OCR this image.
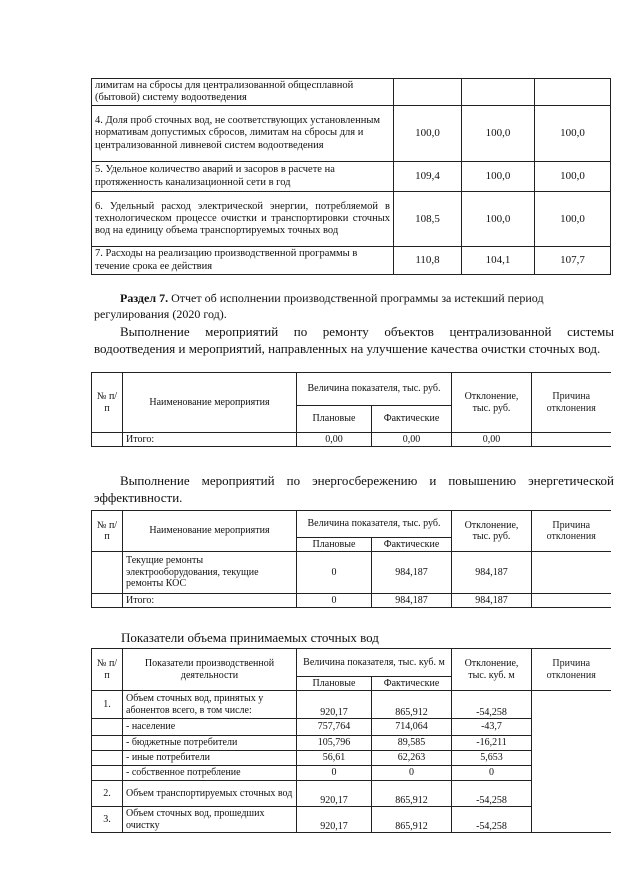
лимитам на сбросы для централизованной общесплавной (бытовой) систему водоотведения			
4. Доля проб сточных вод, не соответствующих установленным нормативам допустимых сбросов, лимитам на сбросы для и централизованной ливневой систем водоотведения	100,0	100,0	100,0
5. Удельное количество аварий и засоров в расчете на протяженность канализационной сети в год	109,4	100,0	100,0
6. Удельный расход электрической энергии, потребляемой в технологическом процессе очистки и транспортировки сточных вод на единицу объема транспортируемых точных вод	108,5	100,0	100,0
7. Расходы на реализацию производственной программы в течение срока ее действия	110,8	104,1	107,7
Раздел 7. Отчет об исполнении производственной программы за истекший период регулирования (2020 год).
Выполнение мероприятий по ремонту объектов централизованной системы водоотведения и мероприятий, направленных на улучшение качества очистки сточных вод.
№ п/п	Наименование мероприятия	Величина показателя, тыс. руб.		Отклонение, тыс. руб.	Причина отклонения
		Плановые	Фактические		
	Итого:	0,00	0,00	0,00	
Выполнение мероприятий по энергосбережению и повышению энергетической эффективности.
№ п/п	Наименование мероприятия	Величина показателя, тыс. руб.		Отклонение, тыс. руб.	Причина отклонения
		Плановые	Фактические		
	Текущие ремонты электрооборудования, текущие ремонты КОС	0	984,187	984,187	
	Итого:	0	984,187	984,187	
Показатели объема принимаемых сточных вод
№ п/п	Показатели производственной деятельности	Величина показателя, тыс. куб. м		Отклонение, тыс. куб. м	Причина отклонения
		Плановые	Фактические		
1.	Объем сточных вод, принятых у абонентов всего, в том числе:	920,17	865,912	-54,258	
	- население	757,764	714,064	-43,7	
	- бюджетные потребители	105,796	89,585	-16,211	
	- иные потребители	56,61	62,263	5,653	
	- собственное потребление	0	0	0	
2.	Объем транспортируемых сточных вод	920,17	865,912	-54,258	
3.	Объем сточных вод, прошедших очистку	920,17	865,912	-54,258	
